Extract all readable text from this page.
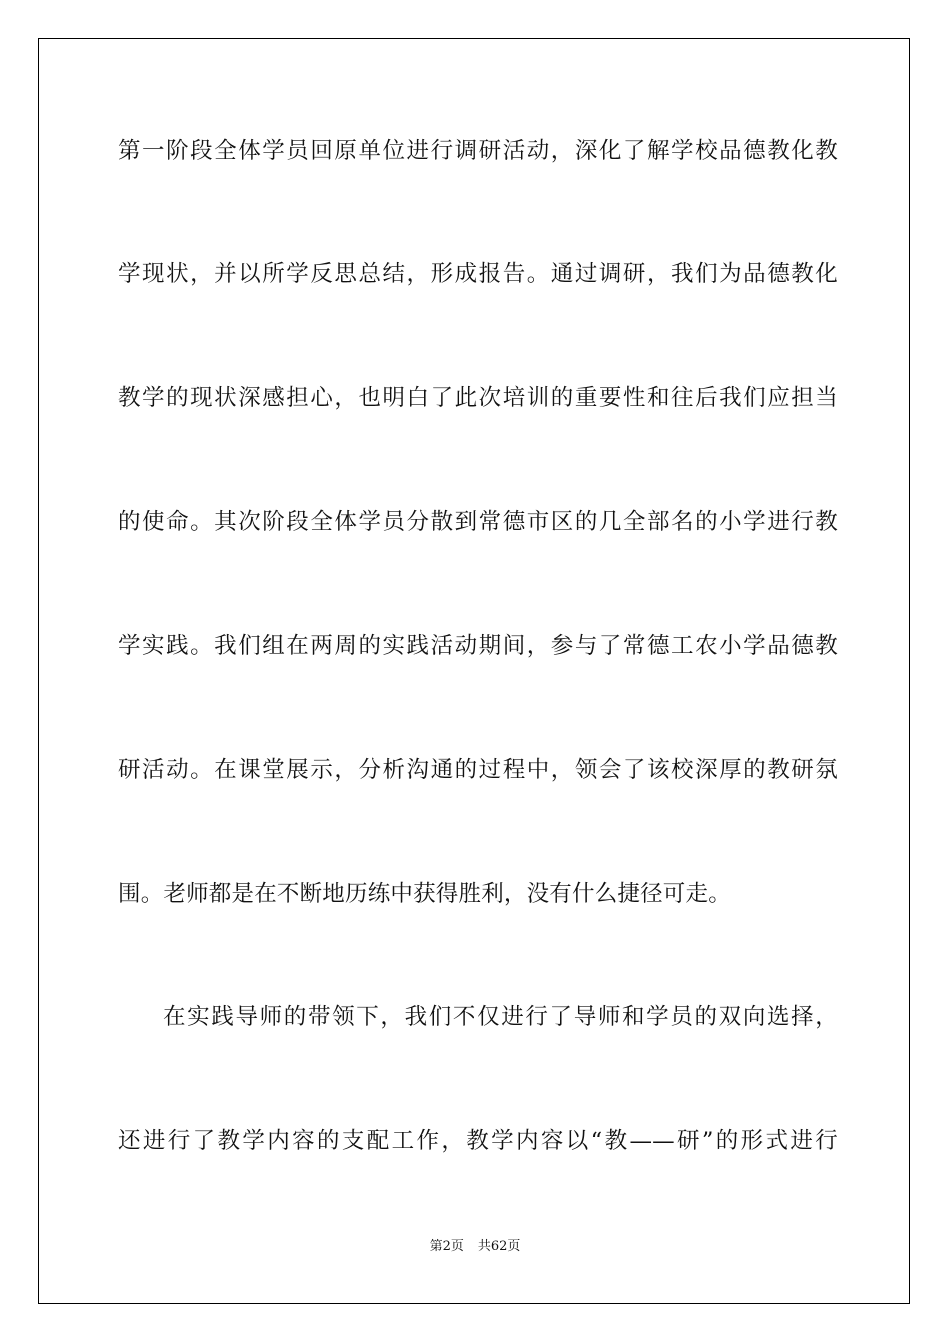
第一阶段全体学员回原单位进行调研活动，深化了解学校品德教化教
学现状，并以所学反思总结，形成报告。通过调研，我们为品德教化
教学的现状深感担心，也明白了此次培训的重要性和往后我们应担当
的使命。其次阶段全体学员分散到常德市区的几全部名的小学进行教
学实践。我们组在两周的实践活动期间，参与了常德工农小学品德教
研活动。在课堂展示，分析沟通的过程中，领会了该校深厚的教研氛
围。老师都是在不断地历练中获得胜利，没有什么捷径可走。
在实践导师的带领下，我们不仅进行了导师和学员的双向选择，
还进行了教学内容的支配工作，教学内容以“教——研”的形式进行
第2页 共62页
